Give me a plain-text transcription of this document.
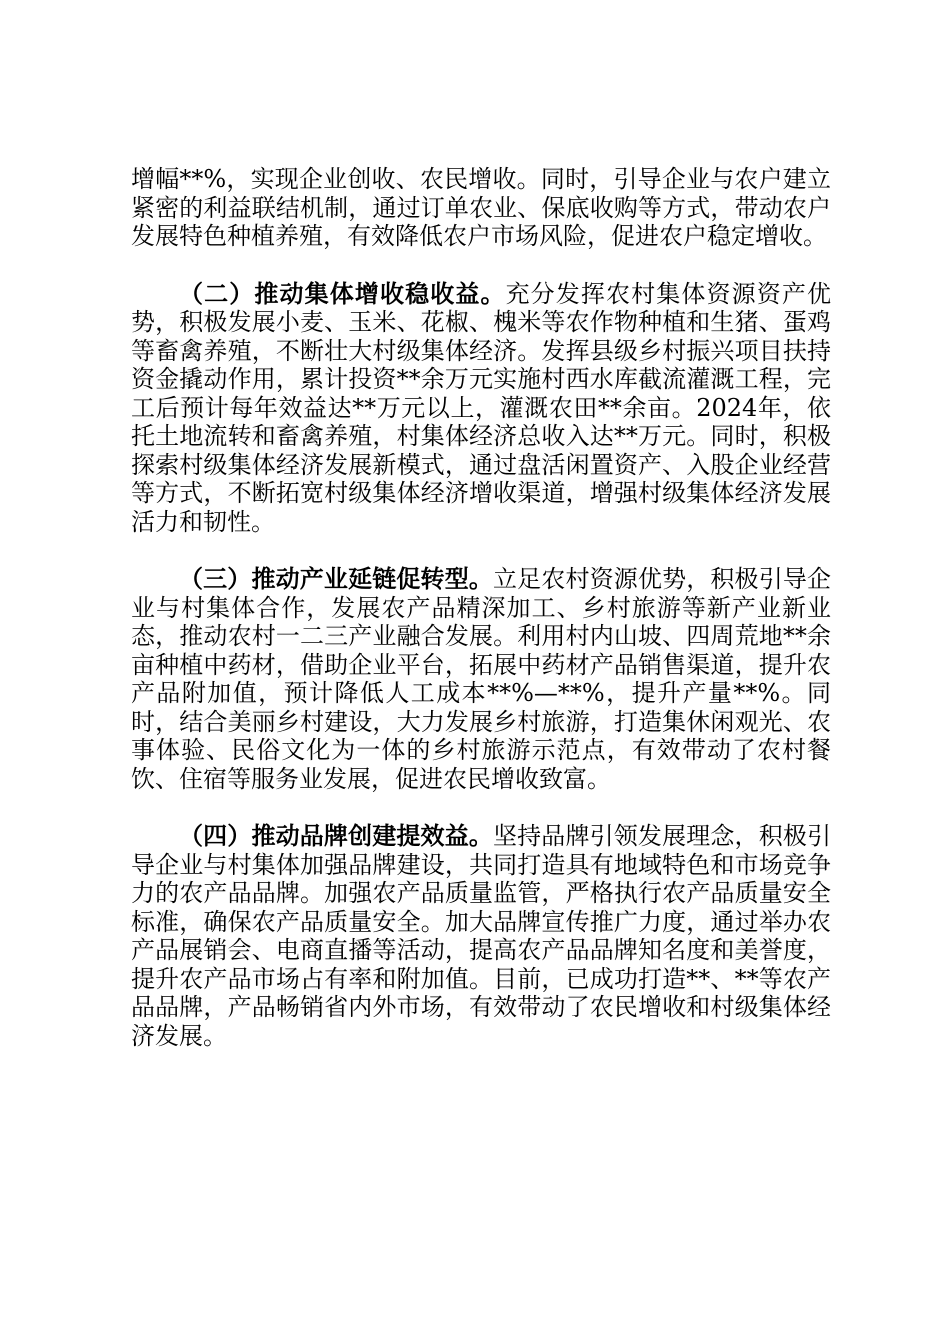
增幅**%，实现企业创收、农民增收。同时，引导企业与农户建立紧密的利益联结机制，通过订单农业、保底收购等方式，带动农户发展特色种植养殖，有效降低农户市场风险，促进农户稳定增收。

（二）推动集体增收稳收益。充分发挥农村集体资源资产优势，积极发展小麦、玉米、花椒、槐米等农作物种植和生猪、蛋鸡等畜禽养殖，不断壮大村级集体经济。发挥县级乡村振兴项目扶持资金撬动作用，累计投资**余万元实施村西水库截流灌溉工程，完工后预计每年效益达**万元以上，灌溉农田**余亩。2024年，依托土地流转和畜禽养殖，村集体经济总收入达**万元。同时，积极探索村级集体经济发展新模式，通过盘活闲置资产、入股企业经营等方式，不断拓宽村级集体经济增收渠道，增强村级集体经济发展活力和韧性。

（三）推动产业延链促转型。立足农村资源优势，积极引导企业与村集体合作，发展农产品精深加工、乡村旅游等新产业新业态，推动农村一二三产业融合发展。利用村内山坡、四周荒地**余亩种植中药材，借助企业平台，拓展中药材产品销售渠道，提升农产品附加值，预计降低人工成本**%—**%，提升产量**%。同时，结合美丽乡村建设，大力发展乡村旅游，打造集休闲观光、农事体验、民俗文化为一体的乡村旅游示范点，有效带动了农村餐饮、住宿等服务业发展，促进农民增收致富。

（四）推动品牌创建提效益。坚持品牌引领发展理念，积极引导企业与村集体加强品牌建设，共同打造具有地域特色和市场竞争力的农产品品牌。加强农产品质量监管，严格执行农产品质量安全标准，确保农产品质量安全。加大品牌宣传推广力度，通过举办农产品展销会、电商直播等活动，提高农产品品牌知名度和美誉度，提升农产品市场占有率和附加值。目前，已成功打造**、**等农产品品牌，产品畅销省内外市场，有效带动了农民增收和村级集体经济发展。
